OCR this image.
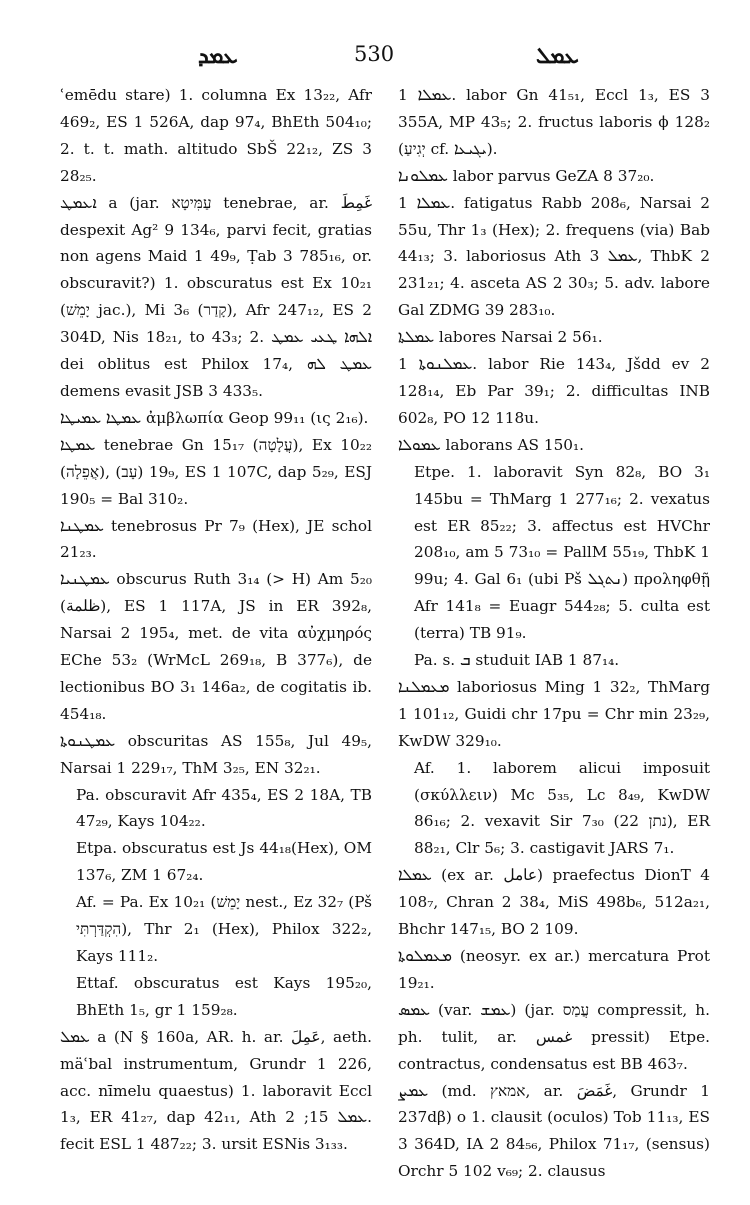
ܥܡܕ	530	ܥܡܠ

ʿemēdu stare) 1. columna Ex 13₂₂, Afr 469₂, ES 1 526A, dap 97₄, BhEth 504₁₀; 2. t. t. math. altitudo SbŠ 22₁₂, ZS 3 28₂₅.

ܐܥܡܛ a (jar. עַמִּיטָא tenebrae, ar. غَمِطَ despexit Ag² 9 134₆, parvi fecit, gratias non agens Maid 1 49₉, Ṭab 3 785₁₆, or. obscuravit?) 1. obscuratus est Ex 10₂₁ (יָמֵשׁ jac.), Mi 3₆ (קָדַר), Afr 247₁₂, ES 2 304D, Nis 18₂₁, to 43₃; 2. ܐܠܗܐ ܛܥܝ ܥܡܛ dei oblitus est Philox 17₄, ܥܡܛ ܠܗ demens evasit JSB 3 433₅.

ܥܡܛܐ ܥܡܝܛܐ ἀμβλωπία Geop 99₁₁ (ις 2₁₆).

ܥܡܛܐ tenebrae Gn 15₁₇ (עֲלָטָה), Ex 10₂₂ (אֲפֵלָה), 19₉ (עָב), ES 1 107C, dap 5₂₉, ESJ 190₅ = Bal 310₂.

ܥܡܛܢܐ tenebrosus Pr 7₉ (Hex), JE schol 21₂₃.

ܥܡܛܢܝܐ obscurus Ruth 3₁₄ (> H) Am 5₂₀ (ظلمة), ES 1 117A, JS in ER 392₈, Narsai 2 195₄, met. de vita αὐχμηρός EChe 53₂ (WrMcL 269₁₈, B 377₆), de lectionibus BO 3₁ 146a₂, de cogitatis ib. 454₁₈.

ܥܡܛܢܘܬܐ obscuritas AS 155₈, Jul 49₅, Narsai 1 229₁₇, ThM 3₂₅, EN 32₂₁.

Pa. obscuravit Afr 435₄, ES 2 18A, TB 47₂₉, Kays 104₂₂.

Etpa. obscuratus est Js 44₁₈(Hex), OM 137₆, ZM 1 67₂₄.

Af. = Pa. Ex 10₂₁ (יָמֵשׁ nest., Ez 32₇ (Pš הִקְדַּרְתִּי), Thr 2₁ (Hex), Philox 322₂, Kays 111₂.

Ettaf. obscuratus est Kays 195₂₀, BhEth 1₅, gr 1 159₂₈.

ܥܡܠ a (N § 160a, AR. h. ar. عَمِلَ, aeth. mäʿbal instrumentum, Grundr 1 226, acc. nīmelu quaestus) 1. laboravit Eccl 1₃, ER 41₂₇, dap 42₁₁, Ath ܥܡܠ 15; 2. fecit ESL 1 487₂₂; 3. ursit ESNis 3₁₃₃.

ܥܡܠܐ 1. labor Gn 41₅₁, Eccl 1₃, ES 3 355A, MP 43₅; 2. fructus laboris ϕ 128₂ (יְגִיעַ cf. ܝܓܝܥܐ).

ܥܡܠܘܢܐ labor parvus GeZA 8 37₂₀.

ܥܡܠܐ 1. fatigatus Rabb 208₆, Narsai 2 55u, Thr 1₃ (Hex); 2. frequens (via) Bab 44₁₃; 3. laboriosus Ath ܥܡܠ 3, ThbK 2 231₂₁; 4. asceta AS 2 30₃; 5. adv. labore Gal ZDMG 39 283₁₀.

ܥܡܠܬܐ labores Narsai 2 56₁.

ܥܡܠܢܘܬܐ 1. labor Rie 143₄, Jšdd ev 2 128₁₄, Eb Par 39₁; 2. difficultas INB 602₈, PO 12 118u.

ܥܡܘܠܐ laborans AS 150₁.

Etpe. 1. laboravit Syn 82₈, BO 3₁ 145bu = ThMarg 1 277₁₆; 2. vexatus est ER 85₂₂; 3. affectus est HVChr 208₁₀, am 5 73₁₀ = PallM 55₁₉, ThbK 1 99u; 4. Gal 6₁ (ubi Pš ܢܬܓܠ) προληφθῇ Afr 141₈ = Euagr 544₂₈; 5. culta est (terra) TB 91₉.

Pa. s. ܒ studuit IAB 1 87₁₄.

ܡܥܡܠܢܐ laboriosus Ming 1 32₂, ThMarg 1 101₁₂, Guidi chr 17pu = Chr min 23₂₉, KwDW 329₁₀.

Af. 1. laborem alicui imposuit (σκύλλειν) Mc 5₃₅, Lc 8₄₉, KwDW 86₁₆; 2. vexavit Sir 7₃₀ (נתן 22), ER 88₂₁, Clr 5₆; 3. castigavit JARS 7₁.

ܥܡܠܐ (ex ar. عامل) praefectus DionT 4 108₇, Chran 2 38₄, MiS 498b₆, 512a₂₁, Bhchr 147₁₅, BO 2 109.

ܡܥܡܠܘܬܐ (neosyr. ex ar.) mercatura Prot 19₂₁.

ܥܡܣ (var. ܥܡܫ) (jar. עֲמַס compressit, h. ph. tulit, ar. غمس pressit) Etpe. contractus, condensatus est BB 463₇.

ܥܡܨ (md. אמאץ, ar. غَمَضَ, Grundr 1 237dβ) o 1. clausit (oculos) Tob 11₁₃, ES 3 364D, IA 2 84₅₆, Philox 71₁₇, (sensus) Orchr 5 102 v₆₉; 2. clausus
